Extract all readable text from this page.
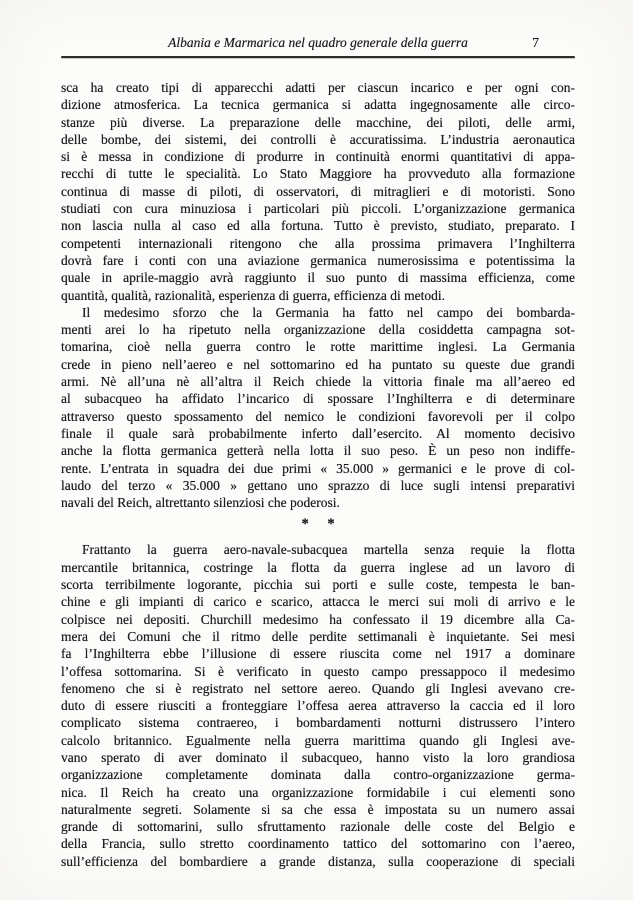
Albania e Marmarica nel quadro generale della guerra	7
sca ha creato tipi di apparecchi adatti per ciascun incarico e per ogni con-
dizione atmosferica. La tecnica germanica si adatta ingegnosamente alle circo-
stanze più diverse. La preparazione delle macchine, dei piloti, delle armi,
delle bombe, dei sistemi, dei controlli è accuratissima. L’industria aeronautica
si è messa in condizione di produrre in continuità enormi quantitativi di appa-
recchi di tutte le specialità. Lo Stato Maggiore ha provveduto alla formazione
continua di masse di piloti, di osservatori, di mitraglieri e di motoristi. Sono
studiati con cura minuziosa i particolari più piccoli. L’organizzazione germanica
non lascia nulla al caso ed alla fortuna. Tutto è previsto, studiato, preparato. I
competenti internazionali ritengono che alla prossima primavera l’Inghilterra
dovrà fare i conti con una aviazione germanica numerosissima e potentissima la
quale in aprile-maggio avrà raggiunto il suo punto di massima efficienza, come
quantità, qualità, razionalità, esperienza di guerra, efficienza di metodi.
Il medesimo sforzo che la Germania ha fatto nel campo dei bombarda-
menti arei lo ha ripetuto nella organizzazione della cosiddetta campagna sot-
tomarina, cioè nella guerra contro le rotte marittime inglesi. La Germania
crede in pieno nell’aereo e nel sottomarino ed ha puntato su queste due grandi
armi. Nè all’una nè all’altra il Reich chiede la vittoria finale ma all’aereo ed
al subacqueo ha affidato l’incarico di spossare l’Inghilterra e di determinare
attraverso questo spossamento del nemico le condizioni favorevoli per il colpo
finale il quale sarà probabilmente inferto dall’esercito. Al momento decisivo
anche la flotta germanica getterà nella lotta il suo peso. È un peso non indiffe-
rente. L’entrata in squadra dei due primi « 35.000 » germanici e le prove di col-
laudo del terzo « 35.000 » gettano uno sprazzo di luce sugli intensi preparativi
navali del Reich, altrettanto silenziosi che poderosi.
* *
Frattanto la guerra aero-navale-subacquea martella senza requie la flotta
mercantile britannica, costringe la flotta da guerra inglese ad un lavoro di
scorta terribilmente logorante, picchia sui porti e sulle coste, tempesta le ban-
chine e gli impianti di carico e scarico, attacca le merci sui moli di arrivo e le
colpisce nei depositi. Churchill medesimo ha confessato il 19 dicembre alla Ca-
mera dei Comuni che il ritmo delle perdite settimanali è inquietante. Sei mesi
fa l’Inghilterra ebbe l’illusione di essere riuscita come nel 1917 a dominare
l’offesa sottomarina. Si è verificato in questo campo pressappoco il medesimo
fenomeno che si è registrato nel settore aereo. Quando gli Inglesi avevano cre-
duto di essere riusciti a fronteggiare l’offesa aerea attraverso la caccia ed il loro
complicato sistema contraereo, i bombardamenti notturni distrussero l’intero
calcolo britannico. Egualmente nella guerra marittima quando gli Inglesi ave-
vano sperato di aver dominato il subacqueo, hanno visto la loro grandiosa
organizzazione completamente dominata dalla contro-organizzazione germa-
nica. Il Reich ha creato una organizzazione formidabile i cui elementi sono
naturalmente segreti. Solamente si sa che essa è impostata su un numero assai
grande di sottomarini, sullo sfruttamento razionale delle coste del Belgio e
della Francia, sullo stretto coordinamento tattico del sottomarino con l’aereo,
sull’efficienza del bombardiere a grande distanza, sulla cooperazione di speciali
